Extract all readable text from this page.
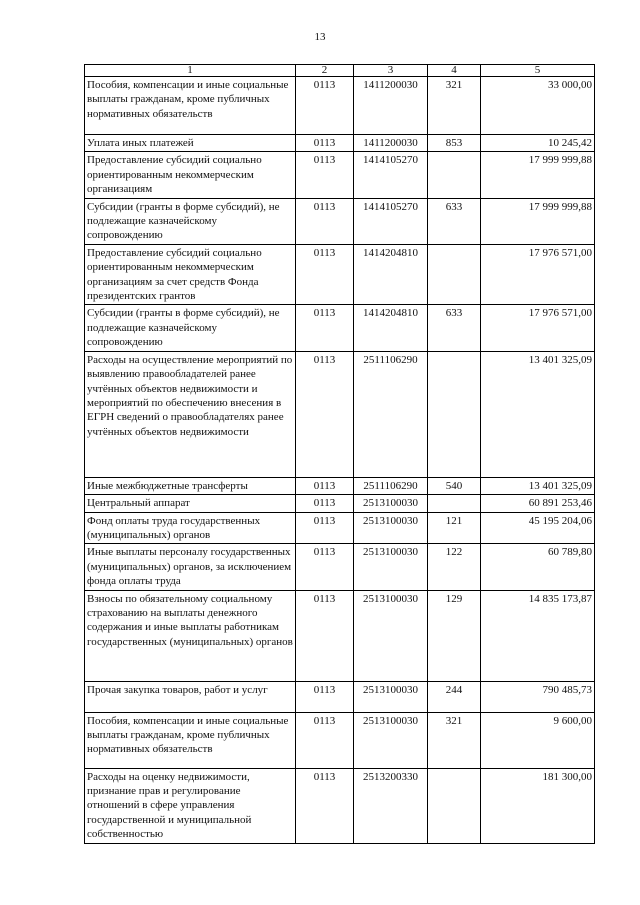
13
1	2	3	4	5
Пособия, компенсации и иные социальные выплаты гражданам, кроме публичных нормативных обязательств	0113	1411200030	321	33 000,00
Уплата иных платежей	0113	1411200030	853	10 245,42
Предоставление субсидий социально ориентированным некоммерческим организациям	0113	1414105270		17 999 999,88
Субсидии (гранты в форме субсидий), не подлежащие казначейскому сопровождению	0113	1414105270	633	17 999 999,88
Предоставление субсидий социально ориентированным некоммерческим организациям за счет средств Фонда президентских грантов	0113	1414204810		17 976 571,00
Субсидии (гранты в форме субсидий), не подлежащие казначейскому сопровождению	0113	1414204810	633	17 976 571,00
Расходы на осуществление мероприятий по выявлению правообладателей ранее учтённых объектов недвижимости и мероприятий по обеспечению внесения в ЕГРН сведений о правообладателях ранее учтённых объектов недвижимости	0113	2511106290		13 401 325,09
Иные межбюджетные трансферты	0113	2511106290	540	13 401 325,09
Центральный аппарат	0113	2513100030		60 891 253,46
Фонд оплаты труда государственных (муниципальных) органов	0113	2513100030	121	45 195 204,06
Иные выплаты персоналу государственных (муниципальных) органов, за исключением фонда оплаты труда	0113	2513100030	122	60 789,80
Взносы по обязательному социальному страхованию на выплаты денежного содержания и иные выплаты работникам государственных (муниципальных) органов	0113	2513100030	129	14 835 173,87
Прочая закупка товаров, работ и услуг	0113	2513100030	244	790 485,73
Пособия, компенсации и иные социальные выплаты гражданам, кроме публичных нормативных обязательств	0113	2513100030	321	9 600,00
Расходы на оценку недвижимости, признание прав и регулирование отношений в сфере управления государственной и муниципальной собственностью	0113	2513200330		181 300,00
